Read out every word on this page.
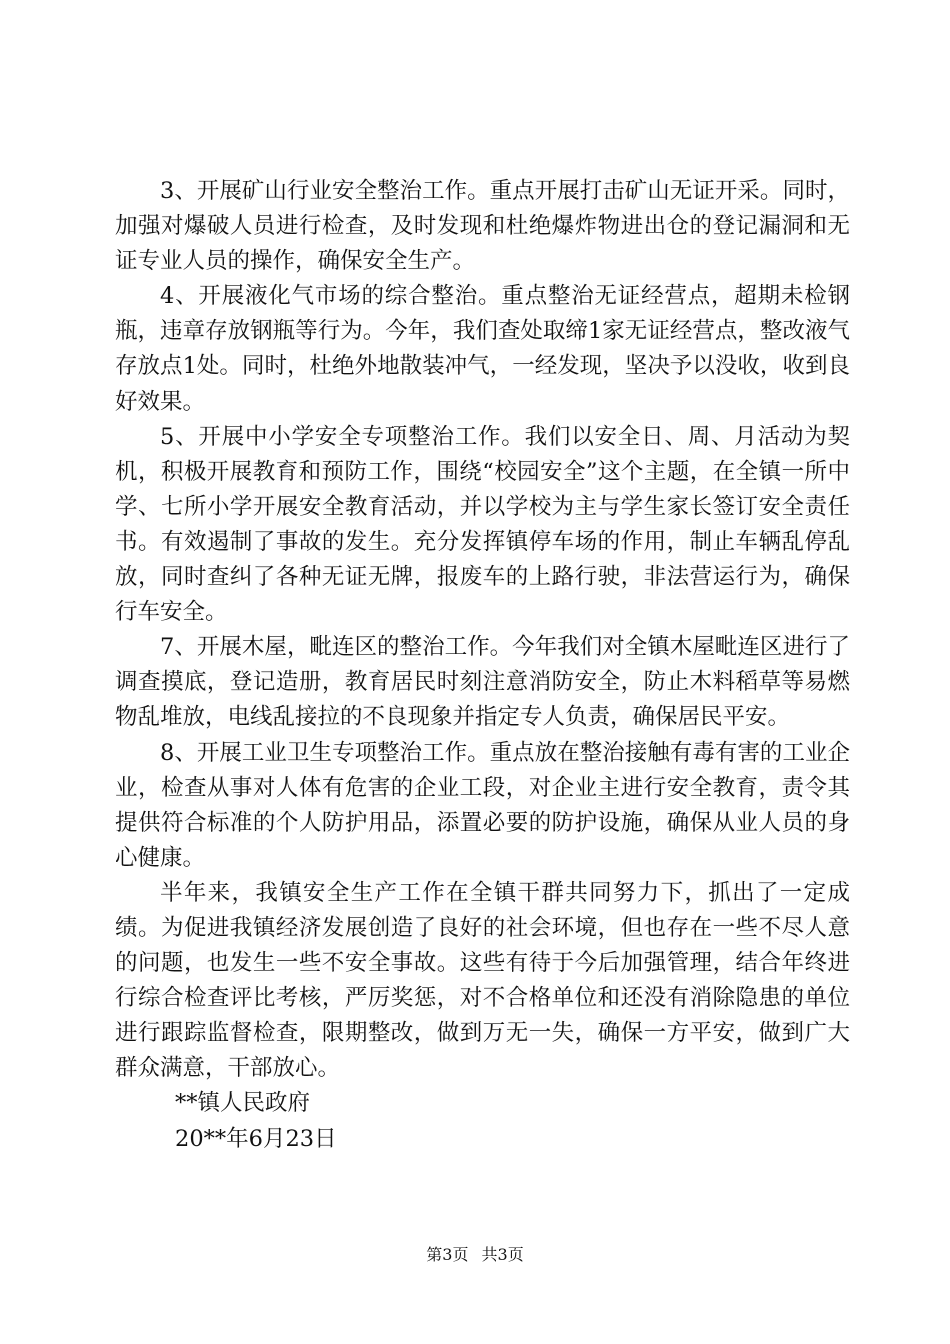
3、开展矿山行业安全整治工作。重点开展打击矿山无证开采。同时，加强对爆破人员进行检查，及时发现和杜绝爆炸物进出仓的登记漏洞和无证专业人员的操作，确保安全生产。

4、开展液化气市场的综合整治。重点整治无证经营点，超期未检钢瓶，违章存放钢瓶等行为。今年，我们查处取缔1家无证经营点，整改液气存放点1处。同时，杜绝外地散装冲气，一经发现，坚决予以没收，收到良好效果。

5、开展中小学安全专项整治工作。我们以安全日、周、月活动为契机，积极开展教育和预防工作，围绕“校园安全”这个主题，在全镇一所中学、七所小学开展安全教育活动，并以学校为主与学生家长签订安全责任书。有效遏制了事故的发生。充分发挥镇停车场的作用，制止车辆乱停乱放，同时查纠了各种无证无牌，报废车的上路行驶，非法营运行为，确保行车安全。

7、开展木屋，毗连区的整治工作。今年我们对全镇木屋毗连区进行了调查摸底，登记造册，教育居民时刻注意消防安全，防止木料稻草等易燃物乱堆放，电线乱接拉的不良现象并指定专人负责，确保居民平安。

8、开展工业卫生专项整治工作。重点放在整治接触有毒有害的工业企业，检查从事对人体有危害的企业工段，对企业主进行安全教育，责令其提供符合标准的个人防护用品，添置必要的防护设施，确保从业人员的身心健康。

半年来，我镇安全生产工作在全镇干群共同努力下，抓出了一定成绩。为促进我镇经济发展创造了良好的社会环境，但也存在一些不尽人意的问题，也发生一些不安全事故。这些有待于今后加强管理，结合年终进行综合检查评比考核，严厉奖惩，对不合格单位和还没有消除隐患的单位进行跟踪监督检查，限期整改，做到万无一失，确保一方平安，做到广大群众满意，干部放心。

**镇人民政府

20**年6月23日

第3页 共3页
